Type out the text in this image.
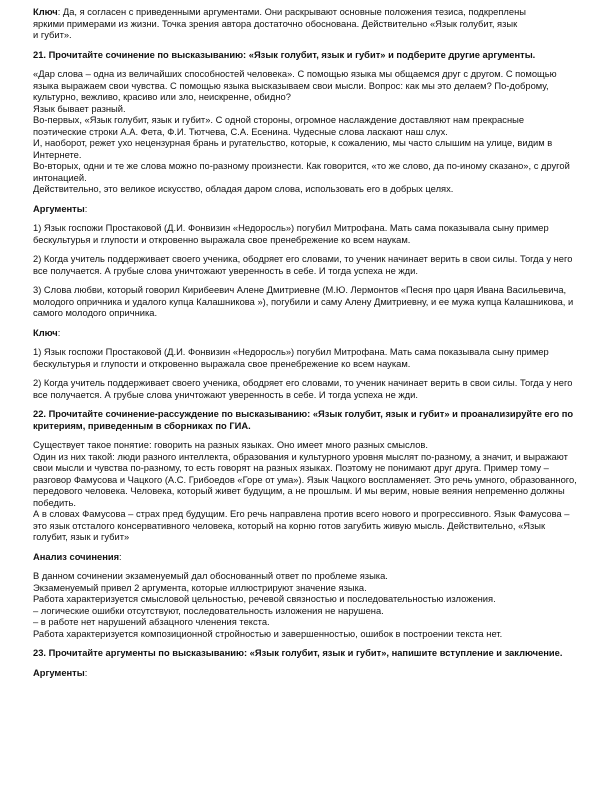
Ключ: Да, я согласен с приведенными аргументами. Они раскрывают основные положения тезиса, подкреплены
яркими примерами из жизни. Точка зрения автора достаточно обоснована. Действительно «Язык голубит, язык
и губит».
21. Прочитайте сочинение по высказыванию: «Язык голубит, язык и губит» и подберите другие аргументы.
«Дар слова – одна из величайших способностей человека». С помощью языка мы общаемся друг с другом. С помощью языка выражаем свои чувства. С помощью языка высказываем свои мысли. Вопрос: как мы это делаем? По-доброму, культурно, вежливо, красиво или зло, неискренне, обидно?
Язык бывает разный.
Во-первых, «Язык голубит, язык и губит». С одной стороны, огромное наслаждение доставляют нам прекрасные поэтические строки А.А. Фета, Ф.И. Тютчева, С.А. Есенина. Чудесные слова ласкают наш слух.
И, наоборот, режет ухо нецензурная брань и ругательство, которые, к сожалению, мы часто слышим на улице, видим в Интернете.
Во-вторых, одни и те же слова можно по-разному произнести. Как говорится, «то же слово, да по-иному сказано», с другой интонацией.
Действительно, это великое искусство, обладая даром слова, использовать его в добрых целях.
Аргументы:
1) Язык госпожи Простаковой (Д.И. Фонвизин «Недоросль») погубил Митрофана. Мать сама показывала сыну пример бескультурья и глупости и откровенно выражала свое пренебрежение ко всем наукам.
2) Когда учитель поддерживает своего ученика, ободряет его словами, то ученик начинает верить в свои силы. Тогда у него все получается. А грубые слова уничтожают уверенность в себе. И тогда успеха не жди.
3) Слова любви, который говорил Кирибеевич Алене Дмитриевне (М.Ю. Лермонтов «Песня про царя Ивана Васильевича, молодого опричника и удалого купца Калашникова »), погубили и саму Алену Дмитриевну, и ее мужа купца Калашникова, и самого молодого опричника.
Ключ:
1) Язык госпожи Простаковой (Д.И. Фонвизин «Недоросль») погубил Митрофана. Мать сама показывала сыну пример бескультурья и глупости и откровенно выражала свое пренебрежение ко всем наукам.
2) Когда учитель поддерживает своего ученика, ободряет его словами, то ученик начинает верить в свои силы. Тогда у него все получается. А грубые слова уничтожают уверенность в себе. И тогда успеха не жди.
22. Прочитайте сочинение-рассуждение по высказыванию: «Язык голубит, язык и губит» и проанализируйте его по критериям, приведенным в сборниках по ГИА.
Существует такое понятие: говорить на разных языках. Оно имеет много разных смыслов.
Один из них такой: люди разного интеллекта, образования и культурного уровня мыслят по-разному, а значит, и выражают свои мысли и чувства по-разному, то есть говорят на разных языках. Поэтому не понимают друг друга. Пример тому – разговор Фамусова и Чацкого (А.С. Грибоедов «Горе от ума»). Язык Чацкого воспламеняет. Это речь умного, образованного, передового человека. Человека, который живет будущим, а не прошлым. И мы верим, новые веяния непременно должны победить.
А в словах Фамусова – страх пред будущим. Его речь направлена против всего нового и прогрессивного. Язык Фамусова – это язык отсталого консервативного человека, который на корню готов загубить живую мысль. Действительно, «Язык голубит, язык и губит»
Анализ сочинения:
В данном сочинении экзаменуемый дал обоснованный ответ по проблеме языка.
Экзаменуемый привел 2 аргумента, которые иллюстрируют значение языка.
Работа характеризуется смысловой цельностью, речевой связностью и последовательностью изложения.
– логические ошибки отсутствуют, последовательность изложения не нарушена.
– в работе нет нарушений абзацного членения текста.
Работа характеризуется композиционной стройностью и завершенностью, ошибок в построении текста нет.
23. Прочитайте аргументы по высказыванию: «Язык голубит, язык и губит», напишите вступление и заключение.
Аргументы:
